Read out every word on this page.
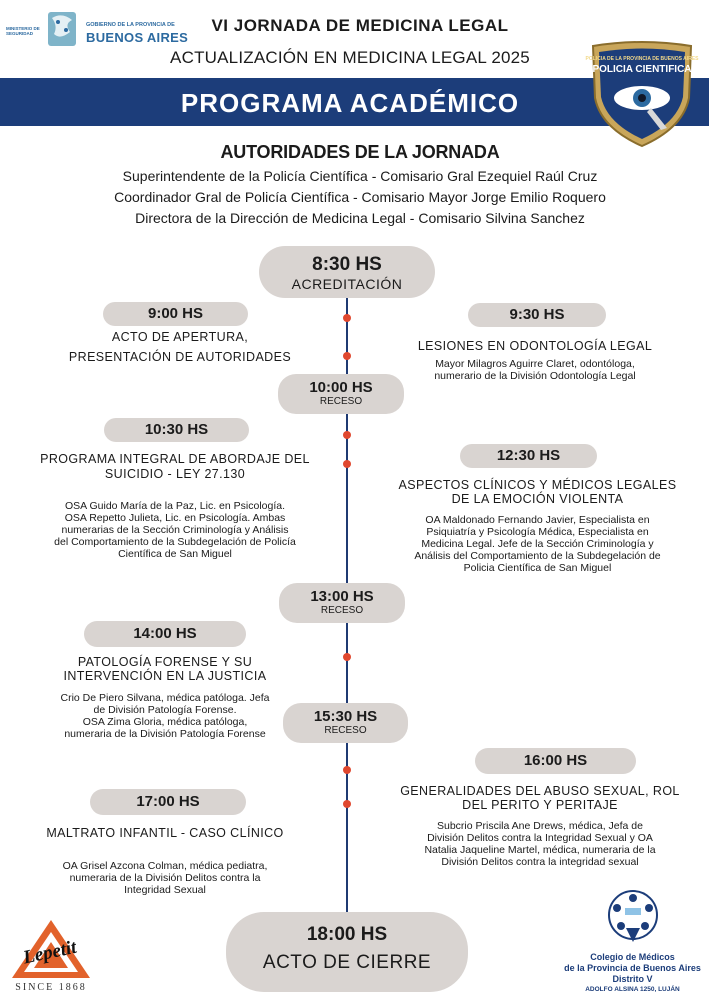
MINISTERIO DE SEGURIDAD
GOBIERNO DE LA PROVINCIA DE
BUENOS AIRES
VI JORNADA DE MEDICINA LEGAL
ACTUALIZACIÓN EN MEDICINA LEGAL 2025
PROGRAMA ACADÉMICO
POLICIA DE LA PROVINCIA DE BUENOS AIRES
POLICIA CIENTIFICA
AUTORIDADES DE LA JORNADA
Superintendente de la Policía Científica - Comisario Gral Ezequiel Raúl Cruz
Coordinador Gral de Policía Científica - Comisario Mayor Jorge Emilio Roquero
Directora de la Dirección de Medicina Legal - Comisario Silvina Sanchez
8:30 HS
ACREDITACIÓN
9:00 HS
ACTO DE APERTURA,
PRESENTACIÓN DE AUTORIDADES
9:30 HS
LESIONES EN ODONTOLOGÍA LEGAL
Mayor Milagros Aguirre Claret, odontóloga,
numerario de la División Odontología Legal
10:00 HS
RECESO
10:30 HS
PROGRAMA INTEGRAL DE ABORDAJE DEL
SUICIDIO - LEY 27.130
OSA Guido María de la Paz, Lic. en Psicología.
OSA Repetto Julieta, Lic. en Psicología. Ambas
numerarias de la Sección Criminología y Análisis
del Comportamiento de la Subdegelación de Policía
Científica de San Miguel
12:30 HS
ASPECTOS CLÍNICOS Y MÉDICOS LEGALES
DE LA EMOCIÓN VIOLENTA
OA Maldonado Fernando Javier, Especialista en
Psiquiatría y Psicología Médica, Especialista en
Medicina Legal. Jefe de la Sección Criminología y
Análisis del Comportamiento de la Subdegelación de
Policia Científica de San Miguel
13:00 HS
RECESO
14:00 HS
PATOLOGÍA FORENSE Y SU
INTERVENCIÓN EN LA JUSTICIA
Crio De Piero Silvana, médica patóloga. Jefa
de División Patología Forense.
OSA Zima Gloria, médica patóloga,
numeraria de la División Patología Forense
15:30 HS
RECESO
16:00 HS
GENERALIDADES DEL ABUSO SEXUAL, ROL
DEL PERITO Y PERITAJE
Subcrio Priscila Ane Drews, médica, Jefa de
División Delitos contra la Integridad Sexual y OA
Natalia Jaqueline Martel, médica, numeraria de la
División Delitos contra la integridad sexual
17:00 HS
MALTRATO INFANTIL - CASO CLÍNICO
OA Grisel Azcona Colman, médica pediatra,
numeraria de la División Delitos contra la
Integridad Sexual
18:00 HS
ACTO DE CIERRE
Lepetit
SINCE 1868
Colegio de Médicos
de la Provincia de Buenos Aires
Distrito V
ADOLFO ALSINA 1250, LUJÁN
